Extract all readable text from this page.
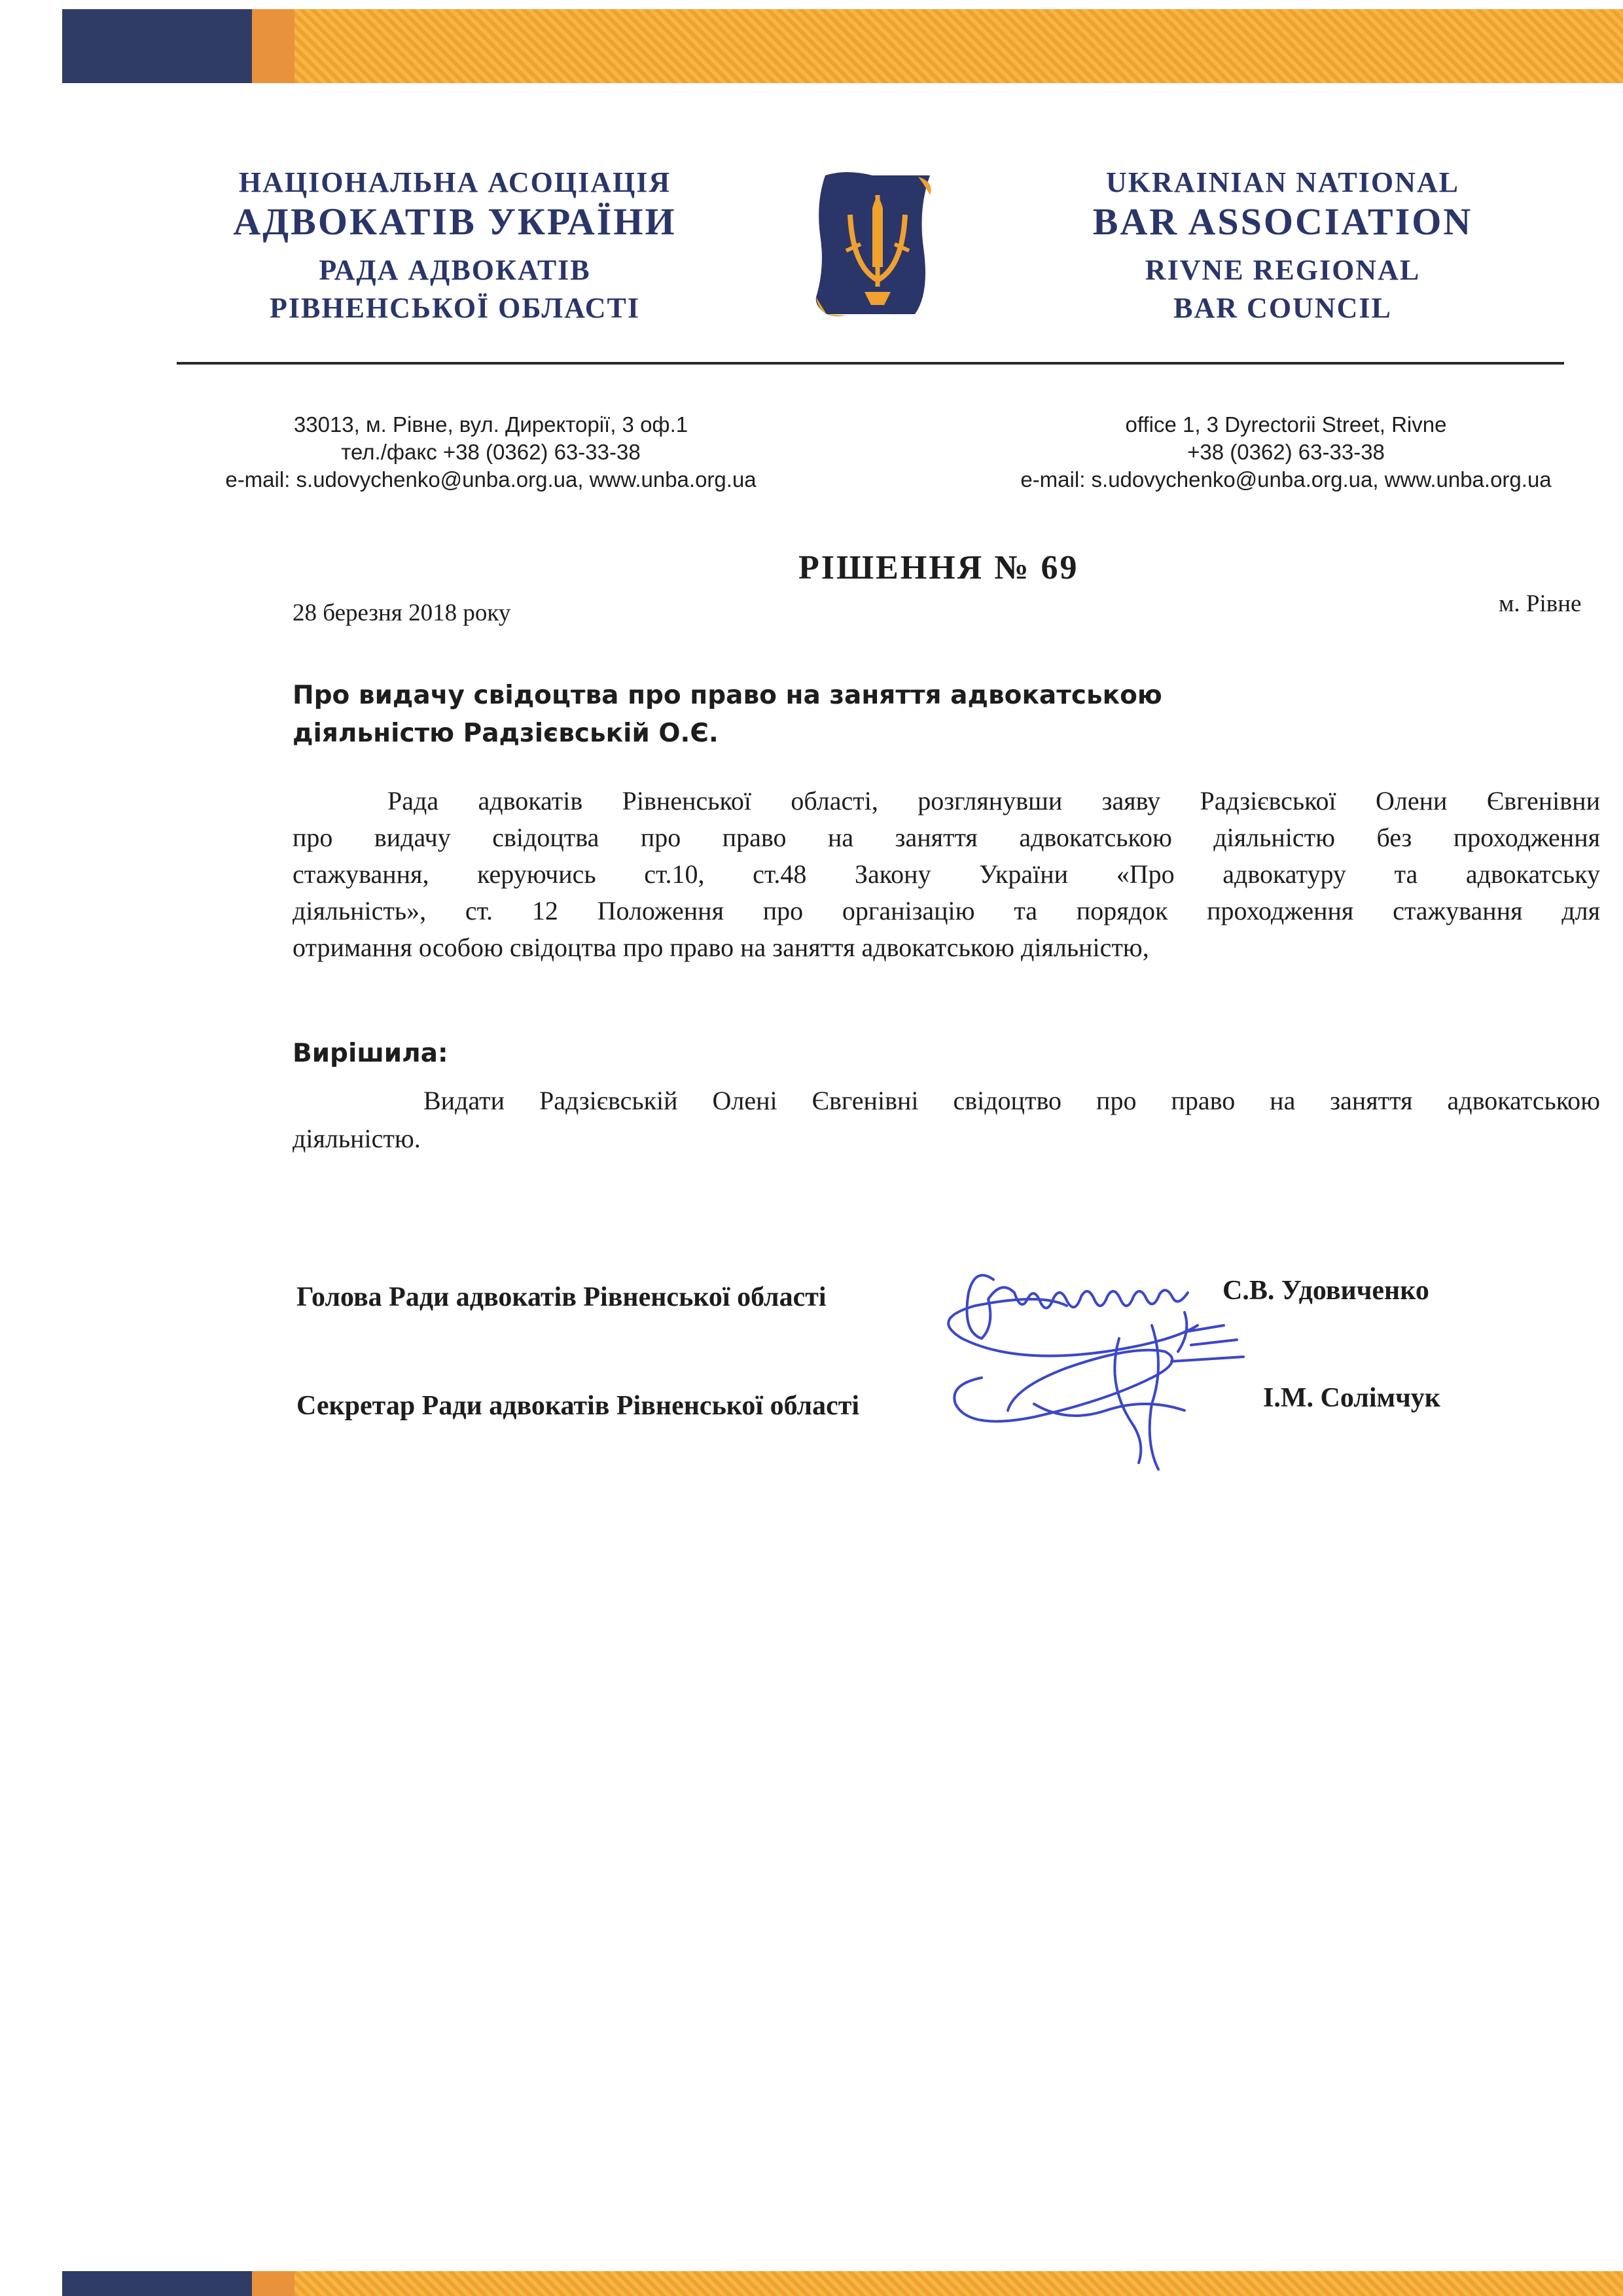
НАЦІОНАЛЬНА АСОЦІАЦІЯ
АДВОКАТІВ УКРАЇНИ
РАДА АДВОКАТІВ
РІВНЕНСЬКОЇ ОБЛАСТІ
UKRAINIAN NATIONAL
BAR ASSOCIATION
RIVNE REGIONAL
BAR COUNCIL
33013, м. Рівне, вул. Директорії, 3 оф.1
тел./факс +38 (0362) 63-33-38
e-mail: s.udovychenko@unba.org.ua, www.unba.org.ua
office 1, 3 Dyrectorii Street, Rivne
+38 (0362) 63-33-38
e-mail: s.udovychenko@unba.org.ua, www.unba.org.ua
РІШЕННЯ № 69
28 березня 2018 року	м. Рівне
Про видачу свідоцтва про право на заняття адвокатською
діяльністю Радзієвській О.Є.
Рада адвокатів Рівненської області, розглянувши заяву Радзієвської Олени Євгенівни
про видачу свідоцтва про право на заняття адвокатською діяльністю без проходження
стажування, керуючись ст.10, ст.48 Закону України «Про адвокатуру та адвокатську
діяльність», ст. 12 Положення про організацію та порядок проходження стажування для
отримання особою свідоцтва про право на заняття адвокатською діяльністю,
Вирішила:
Видати Радзієвській Олені Євгенівні свідоцтво про право на заняття адвокатською
діяльністю.
Голова Ради адвокатів Рівненської області	С.В. Удовиченко
Секретар Ради адвокатів Рівненської області	І.М. Солімчук
